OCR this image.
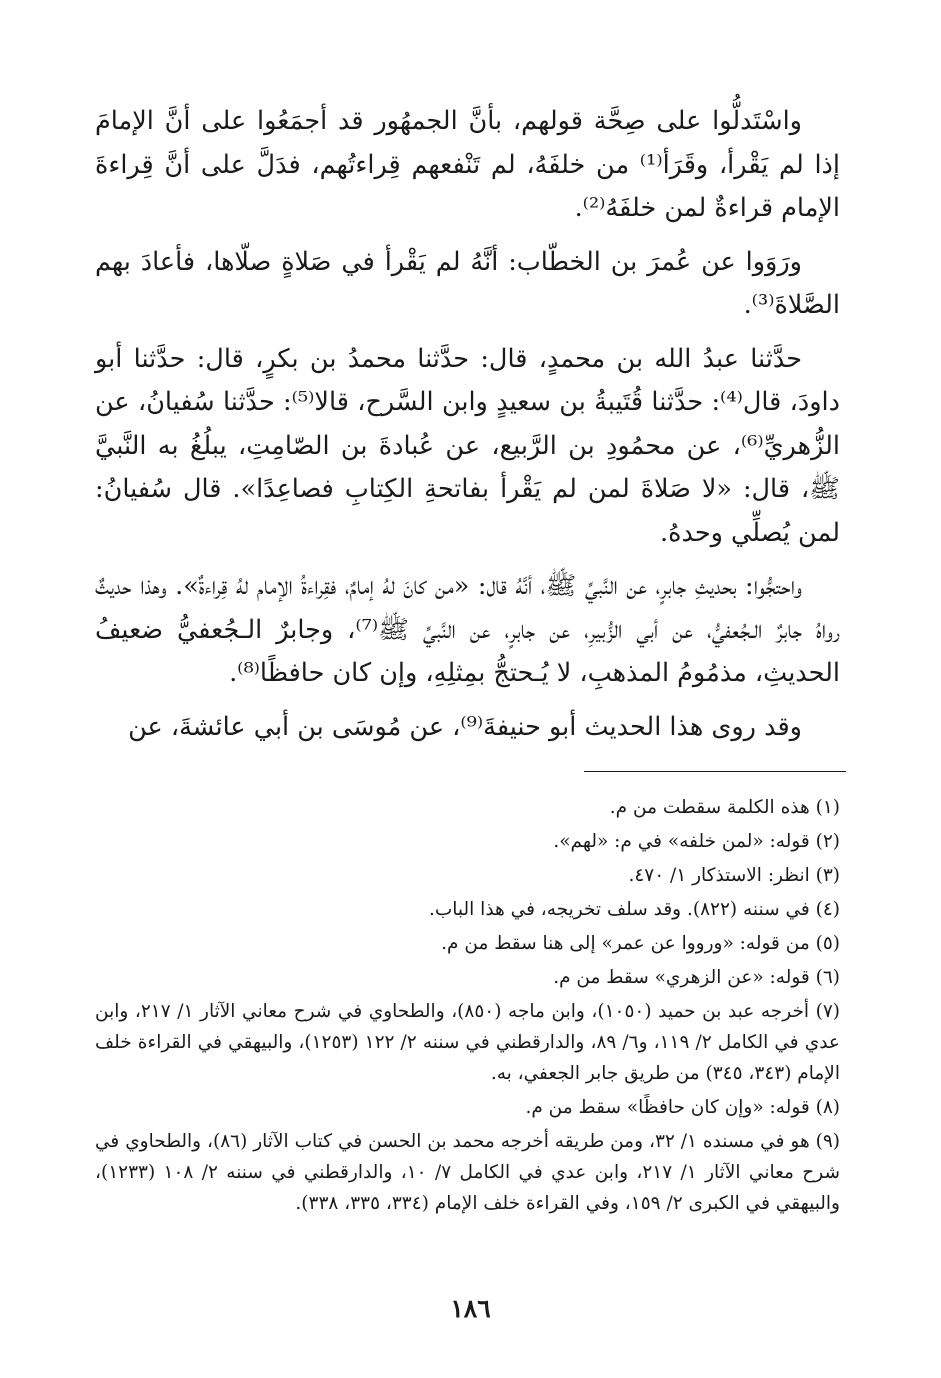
واسْتَدلُّوا على صِحَّة قولهم، بأنَّ الجمهُور قد أجمَعُوا على أنَّ الإمامَ إذا لم يَقْرأ، وقَرَأ⁽¹⁾ من خلفَهُ، لم تَنْفعهم قِراءتُهم، فدَلَّ على أنَّ قِراءةَ الإمام قراءةٌ لمن خلفَهُ⁽²⁾.

ورَوَوا عن عُمرَ بن الخطّاب: أنَّهُ لم يَقْرأ في صَلاةٍ صلّاها، فأعادَ بهم الصَّلاةَ⁽³⁾.

حدَّثنا عبدُ الله بن محمدٍ، قال: حدَّثنا محمدُ بن بكرٍ، قال: حدَّثنا أبو داودَ، قال⁽⁴⁾: حدَّثنا قُتَيبةُ بن سعيدٍ وابن السَّرح، قالا⁽⁵⁾: حدَّثنا سُفيانُ، عن الزُّهريِّ⁽⁶⁾، عن محمُودِ بن الرَّبيع، عن عُبادةَ بن الصّامِتِ، يبلُغُ به النَّبيَّ ﷺ، قال: «لا صَلاةَ لمن لم يَقْرأ بفاتحةِ الكِتابِ فصاعِدًا». قال سُفيانُ: لمن يُصلِّي وحدهُ.

واحتجُّوا: بحديثِ جابرٍ، عن النَّبيِّ ﷺ، أنَّهُ قال: «من كانَ لهُ إمامٌ، فقِراءةُ الإمام لهُ قِراءةٌ». وهذا حديثٌ رواهُ جابرٌ الـجُعفيُّ، عن أبي الزُّبيرِ، عن جابرٍ، عن النَّبيِّ ﷺ⁽⁷⁾، وجابرٌ الـجُعفيُّ ضعيفُ الحديثِ، مذمُومُ المذهبِ، لا يُـحتجُّ بمِثلِهِ، وإن كان حافظًا⁽⁸⁾.

وقد روى هذا الحديث أبو حنيفةَ⁽⁹⁾، عن مُوسَى بن أبي عائشةَ، عن

(١) هذه الكلمة سقطت من م.
(٢) قوله: «لمن خلفه» في م: «لهم».
(٣) انظر: الاستذكار ١/ ٤٧٠.
(٤) في سننه (٨٢٢). وقد سلف تخريجه، في هذا الباب.
(٥) من قوله: «ورووا عن عمر» إلى هنا سقط من م.
(٦) قوله: «عن الزهري» سقط من م.
(٧) أخرجه عبد بن حميد (١٠٥٠)، وابن ماجه (٨٥٠)، والطحاوي في شرح معاني الآثار ١/ ٢١٧، وابن عدي في الكامل ٢/ ١١٩، و٦/ ٨٩، والدارقطني في سننه ٢/ ١٢٢ (١٢٥٣)، والبيهقي في القراءة خلف الإمام (٣٤٣، ٣٤٥) من طريق جابر الجعفي، به.
(٨) قوله: «وإن كان حافظًا» سقط من م.
(٩) هو في مسنده ١/ ٣٢، ومن طريقه أخرجه محمد بن الحسن في كتاب الآثار (٨٦)، والطحاوي في شرح معاني الآثار ١/ ٢١٧، وابن عدي في الكامل ٧/ ١٠، والدارقطني في سننه ٢/ ١٠٨ (١٢٣٣)، والبيهقي في الكبرى ٢/ ١٥٩، وفي القراءة خلف الإمام (٣٣٤، ٣٣٥، ٣٣٨).
١٨٦
